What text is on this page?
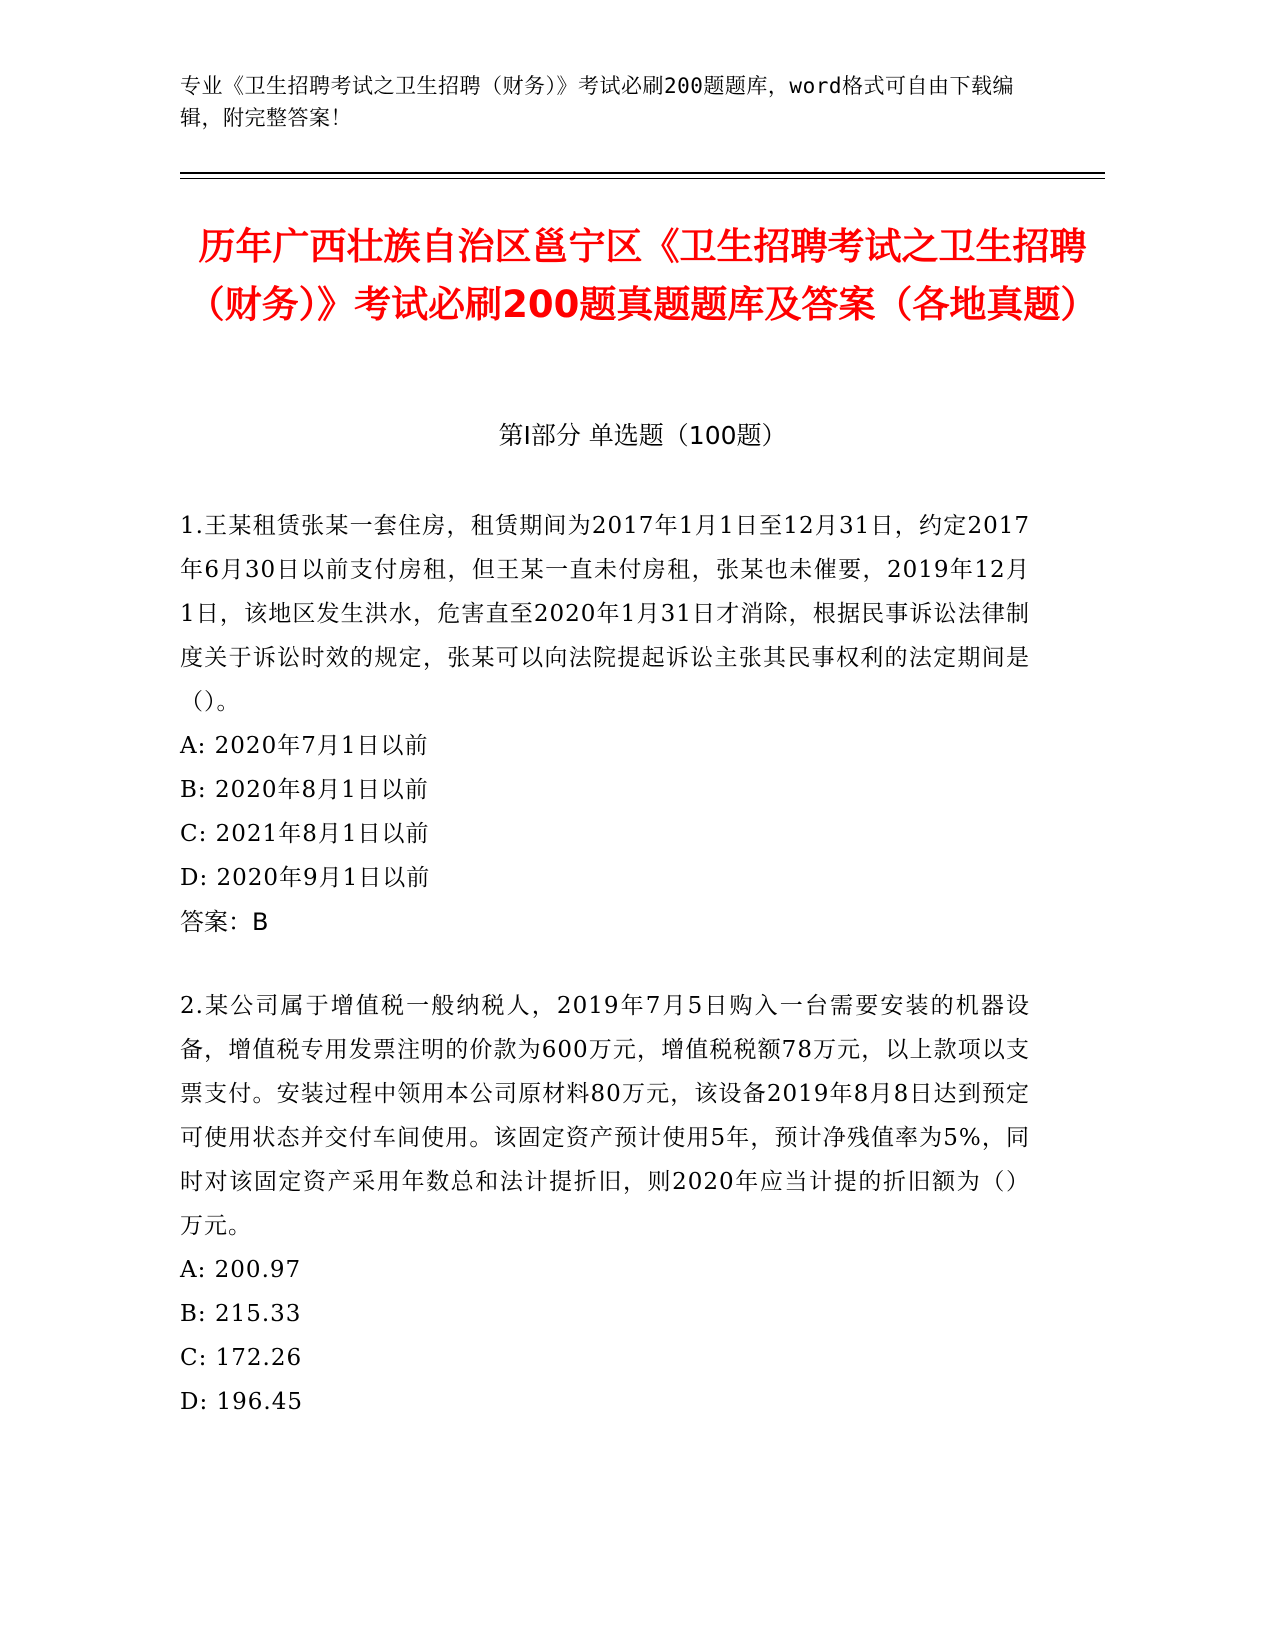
专业《卫生招聘考试之卫生招聘（财务）》考试必刷200题题库，word格式可自由下载编辑，附完整答案！
历年广西壮族自治区邕宁区《卫生招聘考试之卫生招聘（财务）》考试必刷200题真题题库及答案（各地真题）
第Ⅰ部分 单选题（100题）
1.王某租赁张某一套住房，租赁期间为2017年1月1日至12月31日，约定2017年6月30日以前支付房租，但王某一直未付房租，张某也未催要，2019年12月1日，该地区发生洪水，危害直至2020年1月31日才消除，根据民事诉讼法律制度关于诉讼时效的规定，张某可以向法院提起诉讼主张其民事权利的法定期间是（）。
A: 2020年7月1日以前
B: 2020年8月1日以前
C: 2021年8月1日以前
D: 2020年9月1日以前
答案：B
2.某公司属于增值税一般纳税人，2019年7月5日购入一台需要安装的机器设备，增值税专用发票注明的价款为600万元，增值税税额78万元，以上款项以支票支付。安装过程中领用本公司原材料80万元，该设备2019年8月8日达到预定可使用状态并交付车间使用。该固定资产预计使用5年，预计净残值率为5%，同时对该固定资产采用年数总和法计提折旧，则2020年应当计提的折旧额为（）万元。
A: 200.97
B: 215.33
C: 172.26
D: 196.45
